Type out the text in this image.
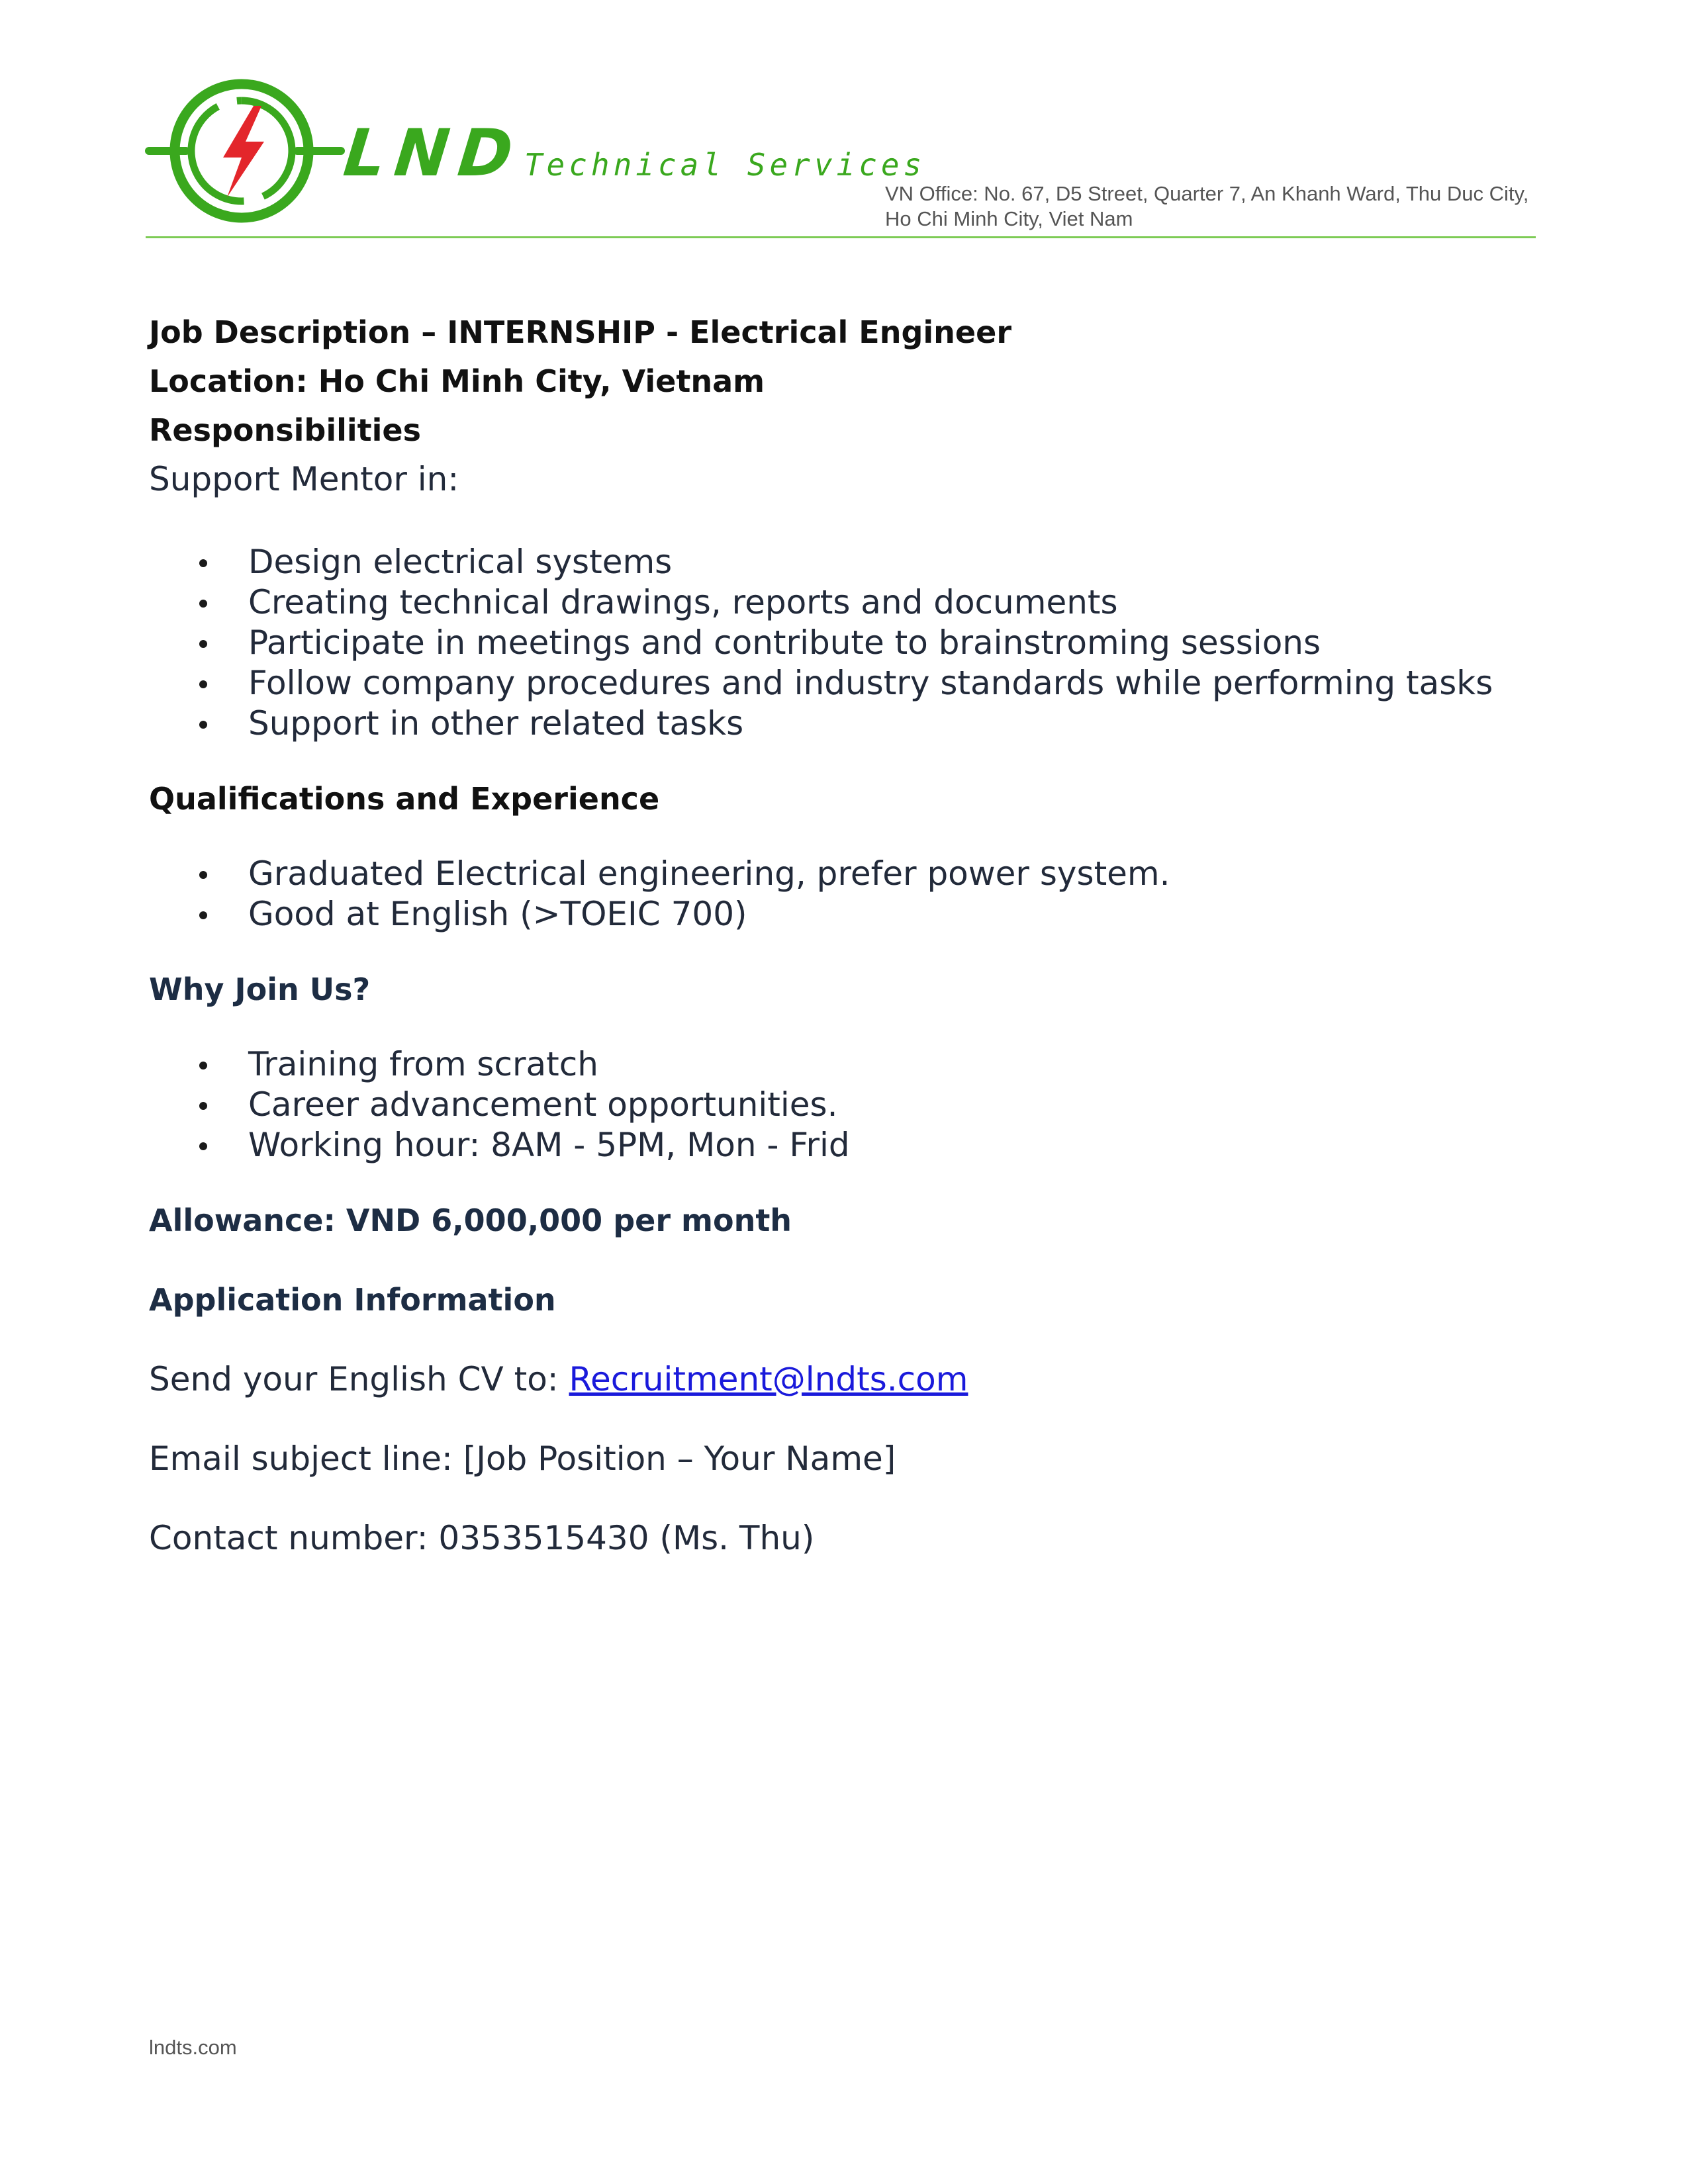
LNDTechnical Services
VN Office: No. 67, D5 Street, Quarter 7, An Khanh Ward, Thu Duc City,
Ho Chi Minh City, Viet Nam

Job Description – INTERNSHIP - Electrical Engineer

Location: Ho Chi Minh City, Vietnam

Responsibilities

Support Mentor in:

Design electrical systems
Creating technical drawings, reports and documents
Participate in meetings and contribute to brainstroming sessions
Follow company procedures and industry standards while performing tasks
Support in other related tasks

Qualifications and Experience

Graduated Electrical engineering, prefer power system.
Good at English (>TOEIC 700)

Why Join Us?

Training from scratch
Career advancement opportunities.
Working hour: 8AM - 5PM, Mon - Frid

Allowance: VND 6,000,000 per month

Application Information

Send your English CV to: Recruitment@lndts.com

Email subject line: [Job Position – Your Name]

Contact number: 0353515430 (Ms. Thu)

lndts.com
